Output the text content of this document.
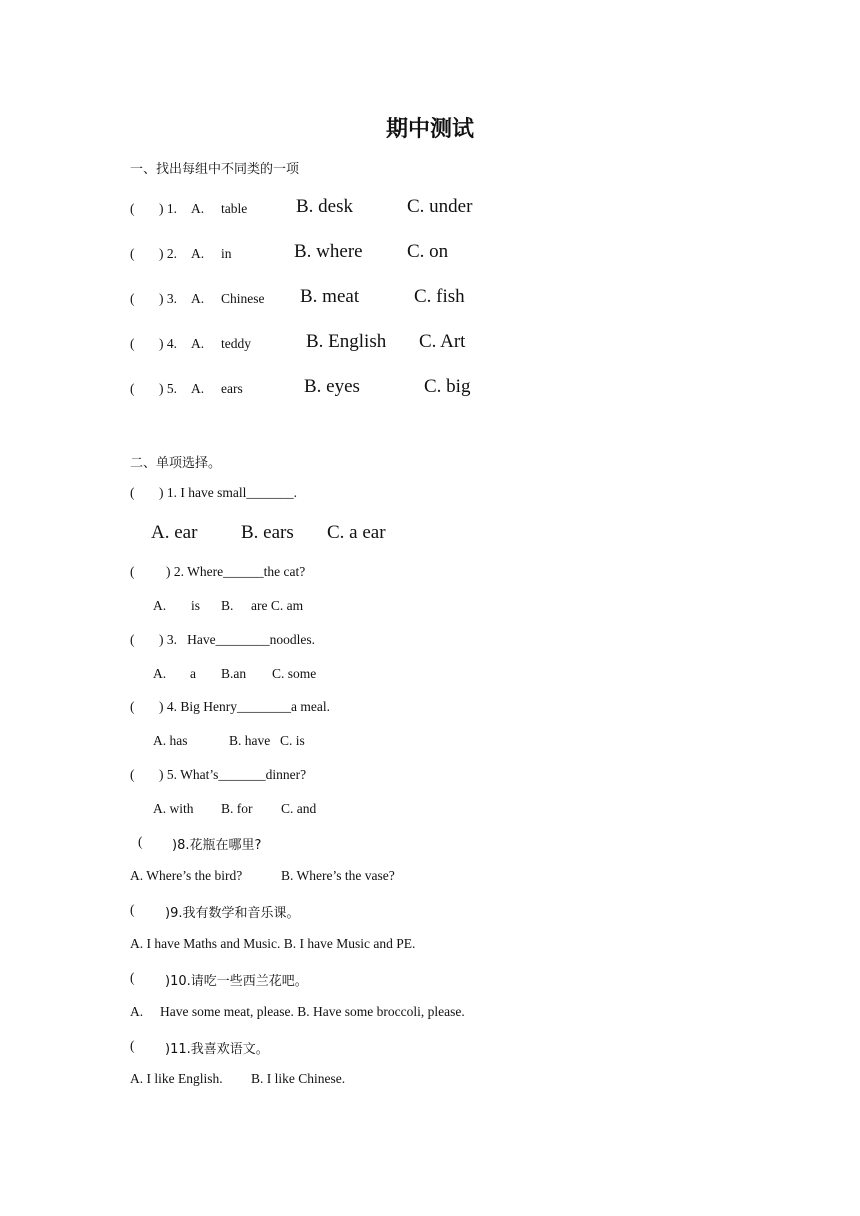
期中测试
一、找出每组中不同类的一项
( ) 1. A. table	B. desk	C. under
( ) 2. A. in	B. where C. on
( ) 3. A. Chinese B. meat	C. fish
( ) 4. A. teddy	B. English C. Art
( ) 5. A. ears	B. eyes	C. big
二、单项选择。
( ) 1. I have small_______.
A. ear B. ears C. a ear
( ) 2. Where______the cat?
A. is B. are C. am
( ) 3.   Have________noodles.
A. a B.an C. some
( ) 4. Big Henry________a meal.
A. has	B. have C. is
( ) 5. What’s_______dinner?
A. with B. for C. and
( )8.花瓶在哪里?
A. Where’s the bird?	B. Where’s the vase?
( )9.我有数学和音乐课。
A. I have Maths and Music. B. I have Music and PE.
( )10.请吃一些西兰花吧。
A. Have some meat, please. B. Have some broccoli, please.
( )11.我喜欢语文。
A. I like English. B. I like Chinese.
